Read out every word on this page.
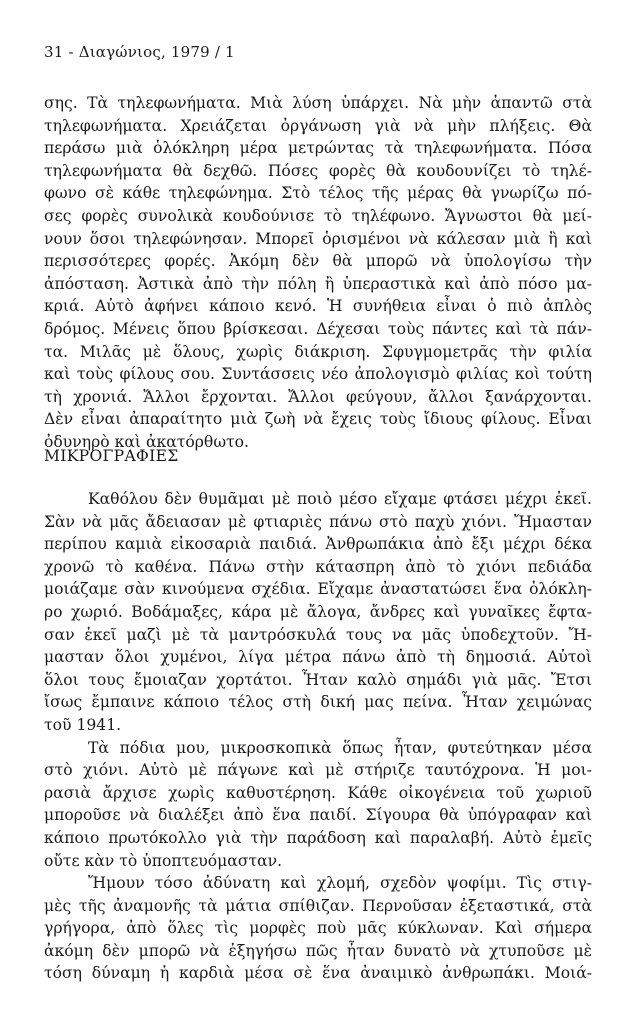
31 - Διαγώνιος, 1979 / 1
σης. Τὰ τηλεφωνήματα. Μιὰ λύση ὑπάρχει. Νὰ μὴν ἀπαντῶ στὰ
τηλεφωνήματα. Χρειάζεται ὀργάνωση γιὰ νὰ μὴν πλήξεις. Θὰ
περάσω μιὰ ὁλόκληρη μέρα μετρώντας τὰ τηλεφωνήματα. Πόσα
τηλεφωνήματα θὰ δεχθῶ. Πόσες φορὲς θὰ κουδουνίζει τὸ τηλέ-
φωνο σὲ κάθε τηλεφώνημα. Στὸ τέλος τῆς μέρας θὰ γνωρίζω πό-
σες φορὲς συνολικὰ κουδούνισε τὸ τηλέφωνο. Ἄγνωστοι θὰ μεί-
νουν ὅσοι τηλεφώνησαν. Μπορεῖ ὁρισμένοι νὰ κάλεσαν μιὰ ἢ καὶ
περισσότερες φορές. Ἀκόμη δὲν θὰ μπορῶ νὰ ὑπολογίσω τὴν
ἀπόσταση. Ἀστικὰ ἀπὸ τὴν πόλη ἢ ὑπεραστικὰ καὶ ἀπὸ πόσο μα-
κριά. Αὐτὸ ἀφήνει κάποιο κενό. Ἡ συνήθεια εἶναι ὁ πιὸ ἁπλὸς
δρόμος. Μένεις ὅπου βρίσκεσαι. Δέχεσαι τοὺς πάντες καὶ τὰ πάν-
τα. Μιλᾶς μὲ ὅλους, χωρὶς διάκριση. Σφυγμομετρᾶς τὴν φιλία
καὶ τοὺς φίλους σου. Συντάσσεις νέο ἀπολογισμὸ φιλίας κοὶ τούτη
τὴ χρονιά. Ἄλλοι ἔρχονται. Ἄλλοι φεύγουν, ἄλλοι ξανάρχονται.
Δὲν εἶναι ἀπαραίτητο μιὰ ζωὴ νὰ ἔχεις τοὺς ἴδιους φίλους. Εἶναι
ὀδυνηρὸ καὶ ἀκατόρθωτο.
ΜΙΚΡΟΓΡΑΦΙΕΣ
Καθόλου δὲν θυμᾶμαι μὲ ποιὸ μέσο εἴχαμε φτάσει μέχρι ἐκεῖ.
Σὰν νὰ μᾶς ἄδειασαν μὲ φτιαριὲς πάνω στὸ παχὺ χιόνι. Ἤμασταν
περίπου καμιὰ εἰκοσαριὰ παιδιά. Ἀνθρωπάκια ἀπὸ ἔξι μέχρι δέκα
χρονῶ τὸ καθένα. Πάνω στὴν κάτασπρη ἀπὸ τὸ χιόνι πεδιάδα
μοιάζαμε σὰν κινούμενα σχέδια. Εἴχαμε ἀναστατώσει ἕνα ὁλόκλη-
ρο χωριό. Βοδάμαξες, κάρα μὲ ἄλογα, ἄνδρες καὶ γυναῖκες ἔφτα-
σαν ἐκεῖ μαζὶ μὲ τὰ μαντρόσκυλά τους να μᾶς ὑποδεχτοῦν. Ἤ-
μασταν ὅλοι χυμένοι, λίγα μέτρα πάνω ἀπὸ τὴ δημοσιά. Αὐτοὶ
ὅλοι τους ἔμοιαζαν χορτάτοι. Ἦταν καλὸ σημάδι γιὰ μᾶς. Ἔτσι
ἴσως ἔμπαινε κάποιο τέλος στὴ δική μας πείνα. Ἦταν χειμώνας
τοῦ 1941.
Τὰ πόδια μου, μικροσκοπικὰ ὅπως ἦταν, φυτεύτηκαν μέσα
στὸ χιόνι. Αὐτὸ μὲ πάγωνε καὶ μὲ στήριζε ταυτόχρονα. Ἡ μοι-
ρασιὰ ἄρχισε χωρὶς καθυστέρηση. Κάθε οἰκογένεια τοῦ χωριοῦ
μποροῦσε νὰ διαλέξει ἀπὸ ἕνα παιδί. Σίγουρα θὰ ὑπόγραφαν καὶ
κάποιο πρωτόκολλο γιὰ τὴν παράδοση καὶ παραλαβή. Αὐτὸ ἐμεῖς
οὔτε κὰν τὸ ὑποπτευόμασταν.
Ἤμουν τόσο ἀδύνατη καὶ χλομή, σχεδὸν ψοφίμι. Τὶς στιγ-
μὲς τῆς ἀναμονῆς τὰ μάτια σπίθιζαν. Περνοῦσαν ἐξεταστικά, στὰ
γρήγορα, ἀπὸ ὅλες τὶς μορφὲς ποὺ μᾶς κύκλωναν. Καὶ σήμερα
ἀκόμη δὲν μπορῶ νὰ ἐξηγήσω πῶς ἦταν δυνατὸ νὰ χτυποῦσε μὲ
τόση δύναμη ἡ καρδιὰ μέσα σὲ ἕνα ἀναιμικὸ ἀνθρωπάκι. Μοιά-
